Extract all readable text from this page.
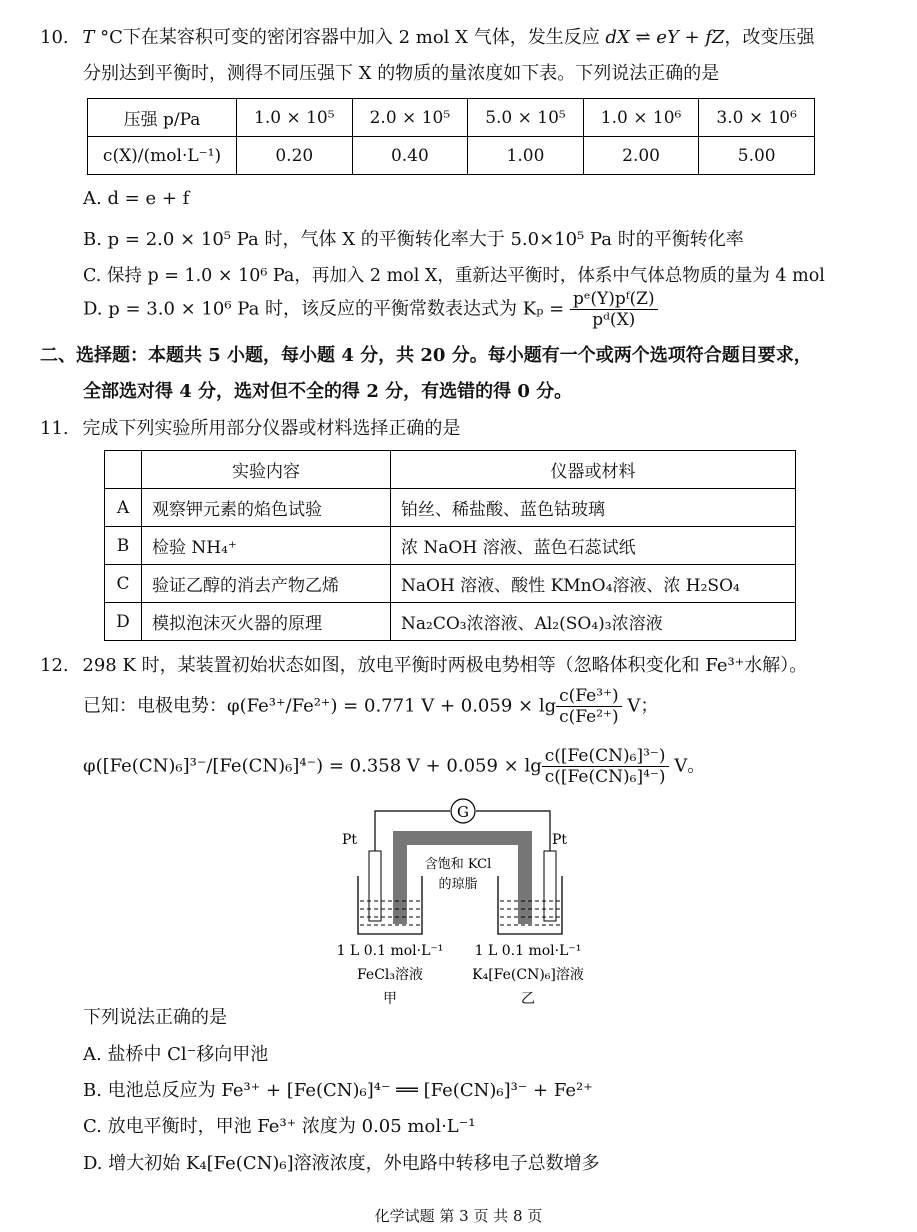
10. T °C下在某容积可变的密闭容器中加入 2 mol X 气体，发生反应 dX ⇌ eY + fZ，改变压强
分别达到平衡时，测得不同压强下 X 的物质的量浓度如下表。下列说法正确的是
压强 p/Pa	1.0 × 10⁵	2.0 × 10⁵	5.0 × 10⁵	1.0 × 10⁶	3.0 × 10⁶
c(X)/(mol·L⁻¹)	0.20	0.40	1.00	2.00	5.00
A. d = e + f
B. p = 2.0 × 10⁵ Pa 时，气体 X 的平衡转化率大于 5.0×10⁵ Pa 时的平衡转化率
C. 保持 p = 1.0 × 10⁶ Pa，再加入 2 mol X，重新达平衡时，体系中气体总物质的量为 4 mol
D. p = 3.0 × 10⁶ Pa 时，该反应的平衡常数表达式为 $K_p = \frac{\text{pᵉ(Y)pᶠ(Z)}}{\text{pᵈ(X)}}$
二、选择题：本题共 5 小题，每小题 4 分，共 20 分。每小题有一个或两个选项符合题目要求，
全部选对得 4 分，选对但不全的得 2 分，有选错的得 0 分。
11. 完成下列实验所用部分仪器或材料选择正确的是
	实验内容	仪器或材料
A	观察钾元素的焰色试验	铂丝、稀盐酸、蓝色钴玻璃
B	检验 NH₄⁺	浓 NaOH 溶液、蓝色石蕊试纸
C	验证乙醇的消去产物乙烯	NaOH 溶液、酸性 KMnO₄溶液、浓 H₂SO₄
D	模拟泡沫灭火器的原理	Na₂CO₃浓溶液、Al₂(SO₄)₃浓溶液
12. 298 K 时，某装置初始状态如图，放电平衡时两极电势相等（忽略体积变化和 Fe³⁺水解）。
已知：电极电势：φ(Fe³⁺/Fe²⁺) = 0.771 $V + 0.059 \times \lg \frac{\text{c(Fe³⁺)}}{\text{c(Fe²⁺)}}$ V；
φ([Fe(CN)₆]³⁻/[Fe(CN)₆]⁴⁻) = 0.358 $V + 0.059 \times \lg \frac{\text{c([Fe(CN)₆]³⁻)}}{\text{c([Fe(CN)₆]⁴⁻)}}$ V。
G
Pt	Pt
含饱和 KCl
的琼脂
1 L 0.1 mol·L⁻¹
FeCl₃溶液
甲
1 L 0.1 mol·L⁻¹
K₄[Fe(CN)₆]溶液
乙
下列说法正确的是
A. 盐桥中 Cl⁻移向甲池
B. 电池总反应为 Fe³⁺ + [Fe(CN)₆]⁴⁻ ══ [Fe(CN)₆]³⁻ + Fe²⁺
C. 放电平衡时，甲池 Fe³⁺ 浓度为 0.05 mol·L⁻¹
D. 增大初始 K₄[Fe(CN)₆]溶液浓度，外电路中转移电子总数增多
化学试题 第 3 页 共 8 页
